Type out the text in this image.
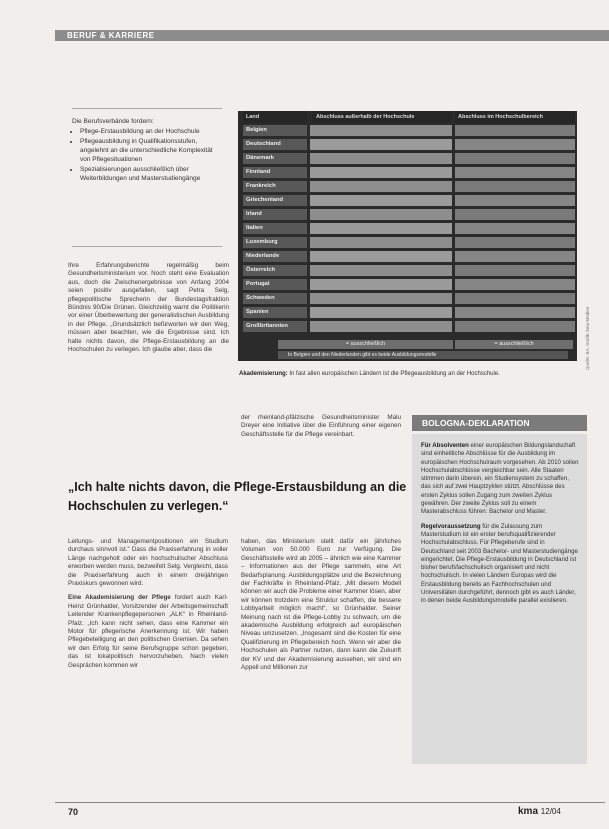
BERUF & KARRIERE
Die Berufsverbände fordern:
• Pflege-Erstausbildung an der Hochschule
• Pflegeausbildung in Qualifikationsstufen, angelehnt an die unterschiedliche Komplexität von Pflegesituationen
• Spezialisierungen ausschließlich über Weiterbildungen und Masterstudiengänge
Land	Abschluss außerhalb der Hochschule	Abschluss im Hochschulbereich
Belgien
Deutschland
Dänemark
Finnland
Frankreich
Griechenland
Irland
Italien
Luxemburg
Niederlande
Österreich
Portugal
Schweden
Spanien
Großbritannien
= ausschließlich	= ausschließlich
In Belgien und den Niederlanden gibt es beide Ausbildungsmodelle	Quelle: BA, Grafik: kma-Medien
Akademisierung: In fast allen europäischen Ländern ist die Pflegeausbildung an der Hochschule.
Ihre Erfahrungsberichte regelmäßig beim Gesundheitsministerium vor. Noch steht eine Evaluation aus, doch die Zwischenergebnisse von Anfang 2004 seien positiv ausgefallen, sagt Petra Selg, pflegepolitische Sprecherin der Bundestagsfraktion Bündnis 90/Die Grünen. Gleichzeitig warnt die Politikerin vor einer Überbewertung der generalistischen Ausbildung in der Pflege. „Grundsätzlich befürworten wir den Weg, müssen aber beachten, wie die Ergebnisse sind. Ich halte nichts davon, die Pflege-Erstausbildung an die Hochschulen zu verlegen. Ich glaube aber, dass die
der rheinland-pfälzische Gesundheitsminister Malu Dreyer eine Initiative über die Einführung einer eigenen Geschäftsstelle für die Pflege vereinbart.
„Ich halte nichts davon, die Pflege-Erstausbildung an die Hochschulen zu verlegen.“
Leitungs- und Managementpositionen ein Studium durchaus sinnvoll ist.“ Dass die Praxiserfahrung in voller Länge nachgeholt oder ein hochschulischer Abschluss erworben werden muss, bezweifelt Selg. Vergleicht, dass die Praxiserfahrung auch in einem dreijährigen Praxiskurs gewonnen wird.
Eine Akademisierung der Pflege fordert auch Karl-Heinz Grünhalder, Vorsitzender der Arbeitsgemeinschaft Leitender Krankenpflegepersonen „ALK“ in Rheinland-Pfalz. „Ich kann nicht sehen, dass eine Kammer ein Motor für pflegerische Anerkennung ist. Wir haben Pflegebeteiligung an den politischen Gremien. Da sehen wir den Erfolg für seine Berufsgruppe schon gegeben, das ist lokalpolitisch hervorzuheben. Nach vielen Gesprächen kommen wir
haben, das Ministerium stellt dafür ein jährliches Volumen von 50.000 Euro zur Verfügung. Die Geschäftsstelle wird ab 2005 – ähnlich wie eine Kammer – Informationen aus der Pflege sammeln, eine Art Bedarfsplanung. Ausbildungsplätze und die Bezeichnung der Fachkräfte in Rheinland-Pfalz. „Mit diesem Modell können wir auch die Probleme einer Kammer lösen, aber wir können trotzdem eine Struktur schaffen, die bessere Lobbyarbeit möglich macht“, so Grünhalder. Seiner Meinung nach ist die Pflege-Lobby zu schwach, um die akademische Ausbildung erfolgreich auf europäischen Niveau umzusetzen. „Insgesamt sind die Kosten für eine Qualifizierung im Pflegebereich hoch. Wenn wir aber die Hochschulen als Partner nutzen, dann kann die Zukunft der KV und der Akademisierung aussehen, wir sind ein Appell und Millionen zur
BOLOGNA-DEKLARATION

Für Absolventen einer europäischen Bildungslandschaft sind einheitliche Abschlüsse für die Ausbildung im europäischen Hochschulraum vorgesehen. Ab 2010 sollen Hochschulabschlüsse vergleichbar sein. Alle Staaten stimmen darin überein, ein Studiensystem zu schaffen, das sich auf zwei Hauptzyklen stützt. Abschlüsse des ersten Zyklus sollen Zugang zum zweiten Zyklus gewähren. Der zweite Zyklus soll zu einem Masterabschluss führen: Bachelor und Master.

Regelvoraussetzung für die Zulassung zum Masterstudium ist ein erster berufsqualifizierender Hochschulabschluss. Für Pflegeberufe sind in Deutschland seit 2003 Bachelor- und Masterstudiengänge eingerichtet. Die Pflege-Erstausbildung in Deutschland ist bisher berufsfachschulisch organisiert und nicht hochschulisch. In vielen Ländern Europas wird die Erstausbildung bereits an Fachhochschulen und Universitäten durchgeführt, dennoch gibt es auch Länder, in denen beide Ausbildungsmodelle parallel existieren.

70	kma 12/04
